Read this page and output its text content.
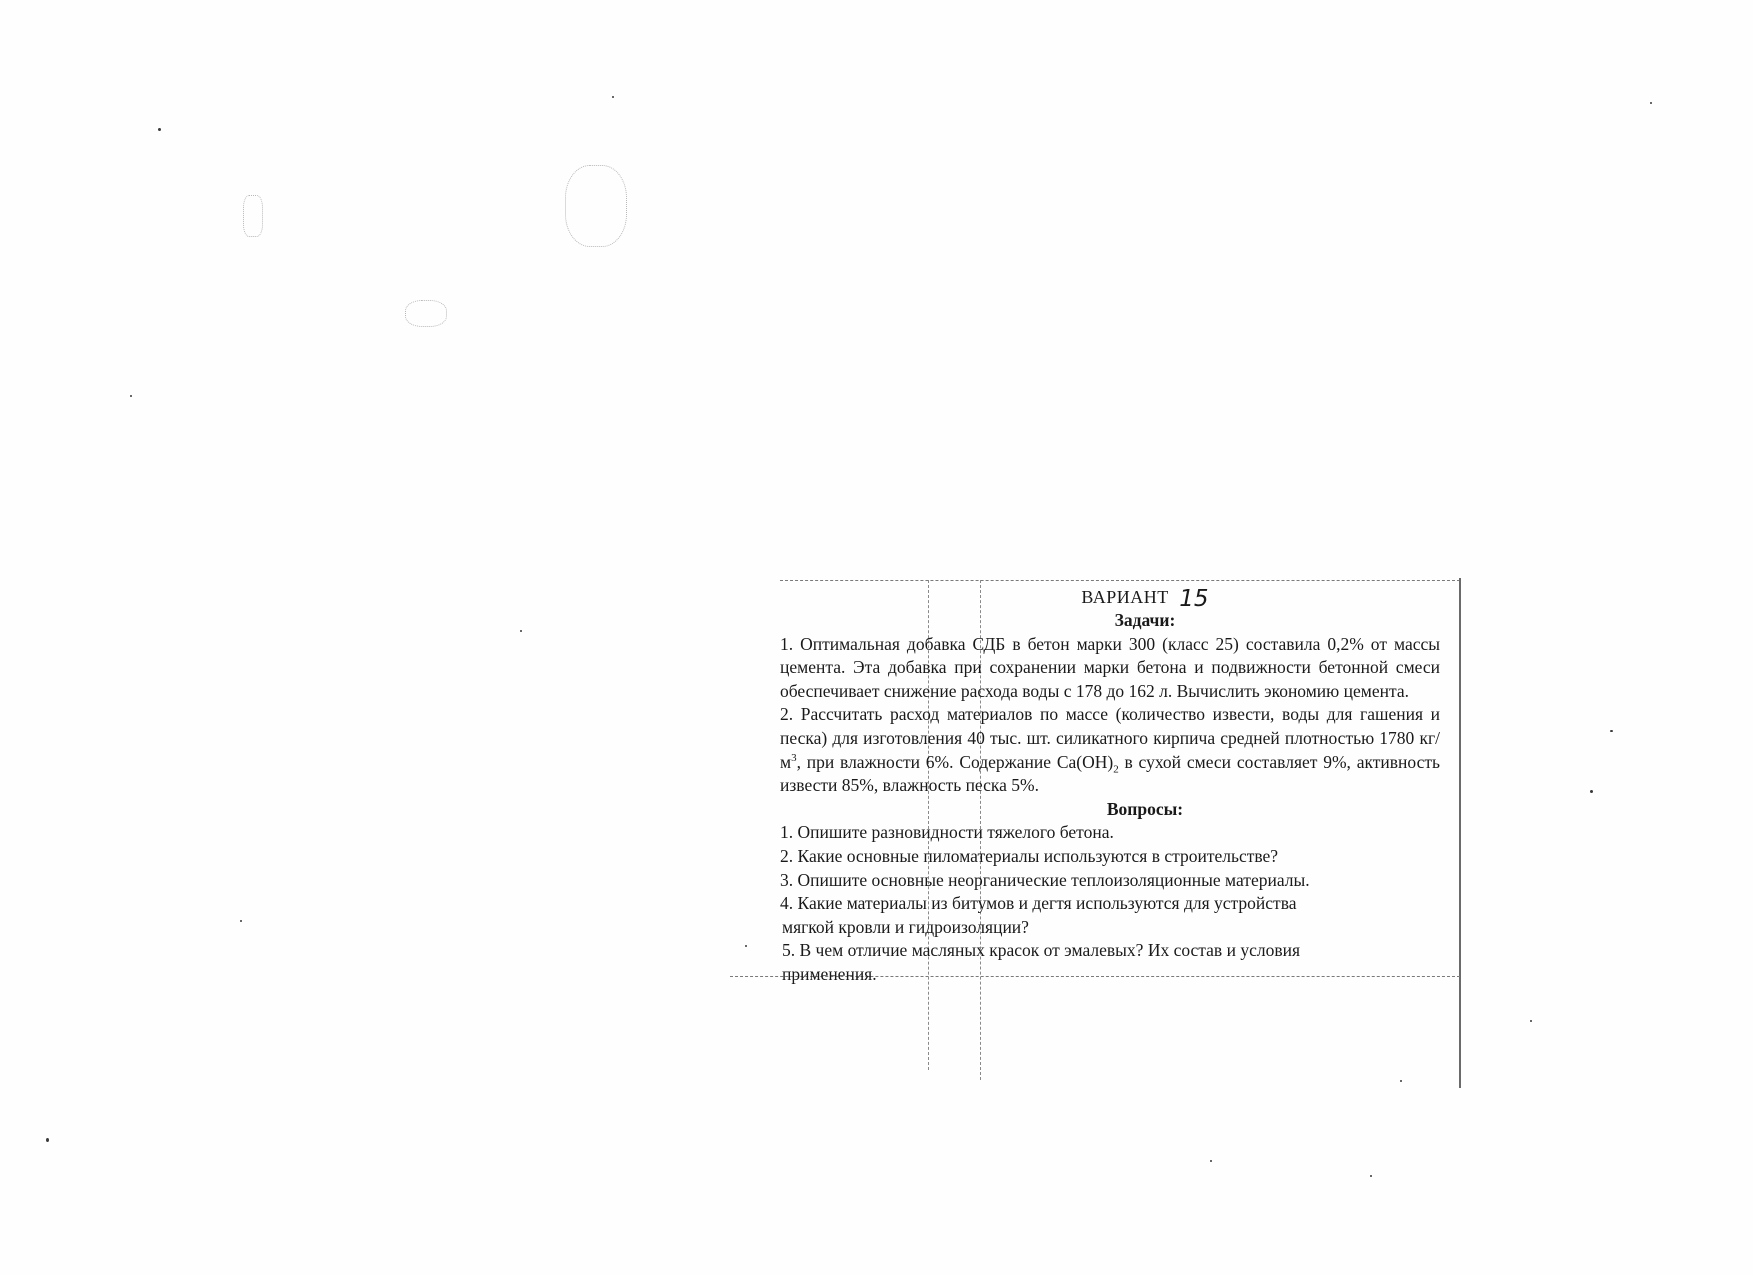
ВАРИАНТ 15
Задачи:

1. Оптимальная добавка СДБ в бетон марки 300 (класс 25) составила 0,2% от массы цемента. Эта добавка при сохранении марки бетона и подвижности бетонной смеси обеспечивает снижение расхода воды с 178 до 162 л. Вычислить экономию цемента.

2. Рассчитать расход материалов по массе (количество извести, воды для гашения и песка) для изготовления 40 тыс. шт. силикатного кирпича средней плотностью 1780 $кг/м^3$, при влажности 6%. Содержание $Ca(OH)_2$ в сухой смеси составляет 9%, активность извести 85%, влажность песка 5%.

Вопросы:

1. Опишите разновидности тяжелого бетона.

2. Какие основные пиломатериалы используются в строительстве?

3. Опишите основные неорганические теплоизоляционные материалы.

4. Какие материалы из битумов и дегтя используются для устройства

мягкой кровли и гидроизоляции?

5. В чем отличие масляных красок от эмалевых? Их состав и условия

применения.
